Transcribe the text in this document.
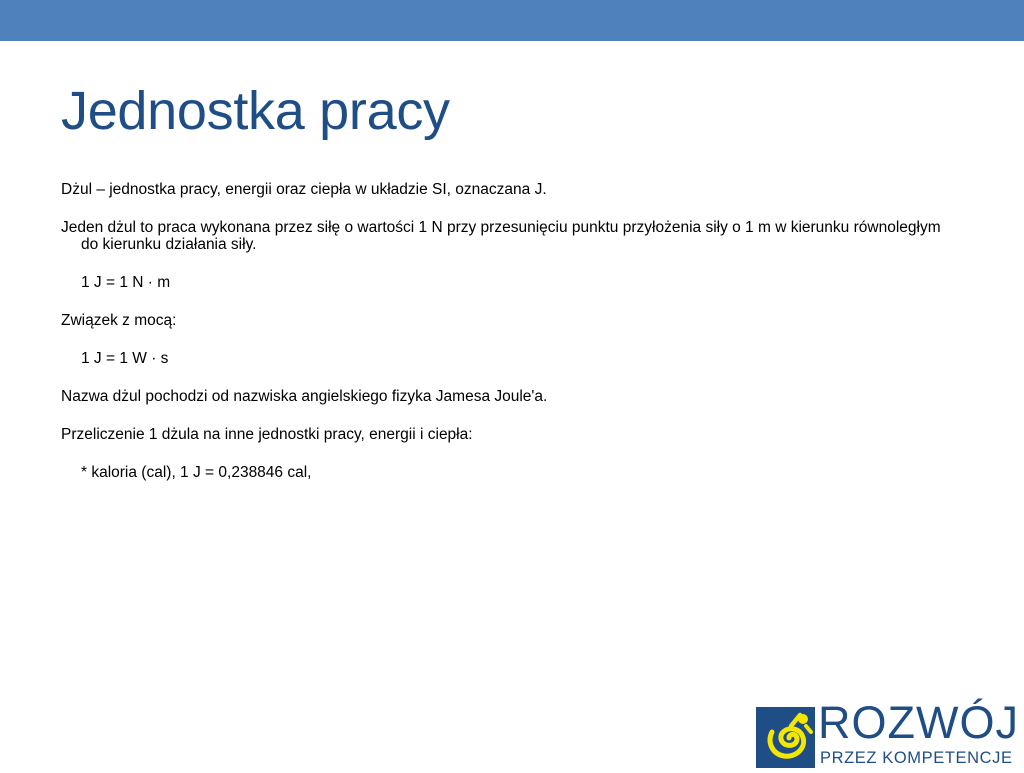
Jednostka pracy

Dżul – jednostka pracy, energii oraz ciepła w układzie SI, oznaczana J.

Jeden dżul to praca wykonana przez siłę o wartości 1 N przy przesunięciu punktu przyłożenia siły o 1 m w kierunku równoległym do kierunku działania siły.

1 J = 1 N · m

Związek z mocą:

1 J = 1 W · s

Nazwa dżul pochodzi od nazwiska angielskiego fizyka Jamesa Joule'a.

Przeliczenie 1 dżula na inne jednostki pracy, energii i ciepła:

* kaloria (cal), 1 J = 0,238846 cal,

ROZWÓJ
PRZEZ KOMPETENCJE
